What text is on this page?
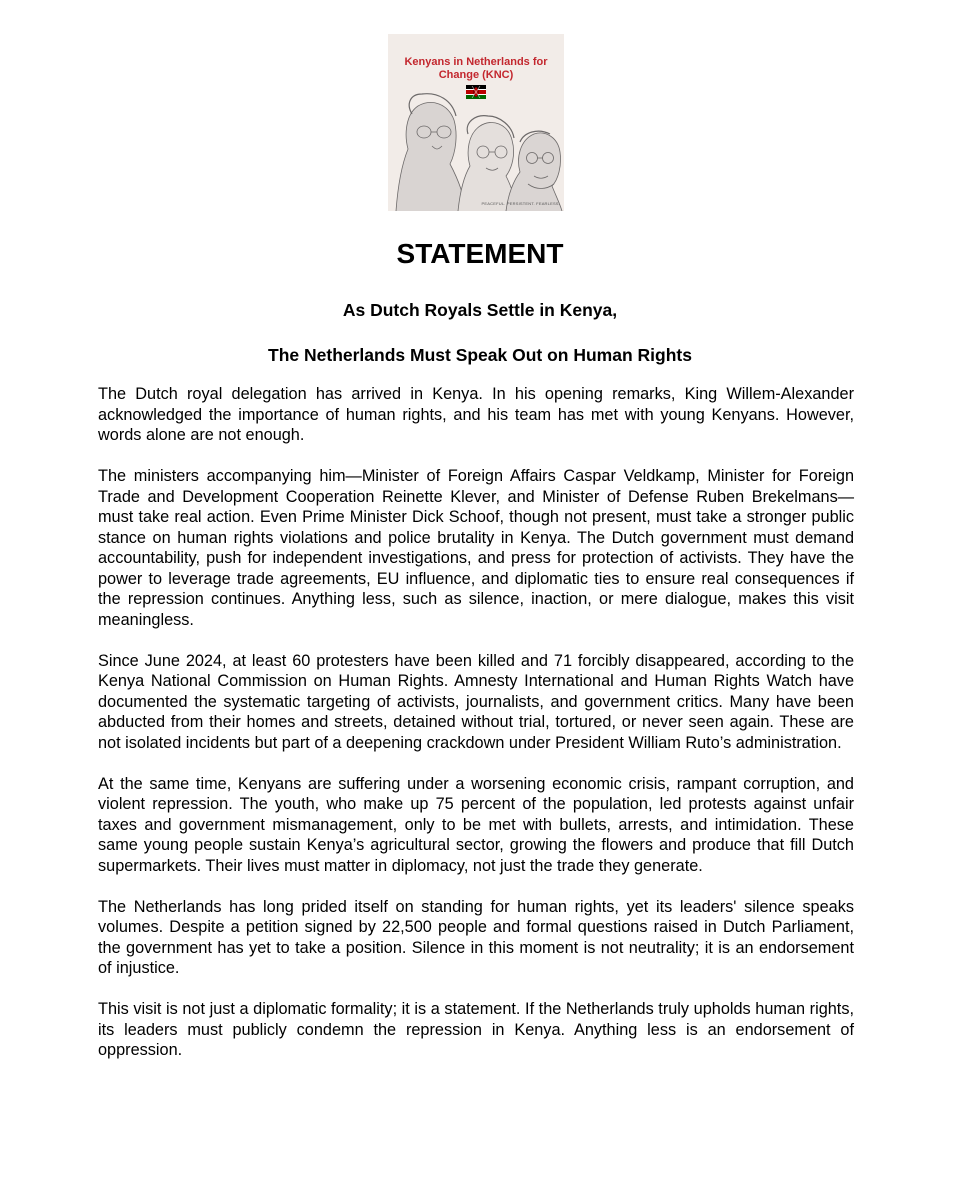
Kenyans in Netherlands for Change (KNC)
PEACEFUL. PERSISTENT. FEARLESS.
STATEMENT
As Dutch Royals Settle in Kenya,
The Netherlands Must Speak Out on Human Rights

The Dutch royal delegation has arrived in Kenya. In his opening remarks, King Willem-Alexander acknowledged the importance of human rights, and his team has met with young Kenyans. However, words alone are not enough.

The ministers accompanying him—Minister of Foreign Affairs Caspar Veldkamp, Minister for Foreign Trade and Development Cooperation Reinette Klever, and Minister of Defense Ruben Brekelmans—must take real action. Even Prime Minister Dick Schoof, though not present, must take a stronger public stance on human rights violations and police brutality in Kenya. The Dutch government must demand accountability, push for independent investigations, and press for protection of activists. They have the power to leverage trade agreements, EU influence, and diplomatic ties to ensure real consequences if the repression continues. Anything less, such as silence, inaction, or mere dialogue, makes this visit meaningless.

Since June 2024, at least 60 protesters have been killed and 71 forcibly disappeared, according to the Kenya National Commission on Human Rights. Amnesty International and Human Rights Watch have documented the systematic targeting of activists, journalists, and government critics. Many have been abducted from their homes and streets, detained without trial, tortured, or never seen again. These are not isolated incidents but part of a deepening crackdown under President William Ruto’s administration.

At the same time, Kenyans are suffering under a worsening economic crisis, rampant corruption, and violent repression. The youth, who make up 75 percent of the population, led protests against unfair taxes and government mismanagement, only to be met with bullets, arrests, and intimidation. These same young people sustain Kenya’s agricultural sector, growing the flowers and produce that fill Dutch supermarkets. Their lives must matter in diplomacy, not just the trade they generate.

The Netherlands has long prided itself on standing for human rights, yet its leaders' silence speaks volumes. Despite a petition signed by 22,500 people and formal questions raised in Dutch Parliament, the government has yet to take a position. Silence in this moment is not neutrality; it is an endorsement of injustice.

This visit is not just a diplomatic formality; it is a statement. If the Netherlands truly upholds human rights, its leaders must publicly condemn the repression in Kenya. Anything less is an endorsement of oppression.
